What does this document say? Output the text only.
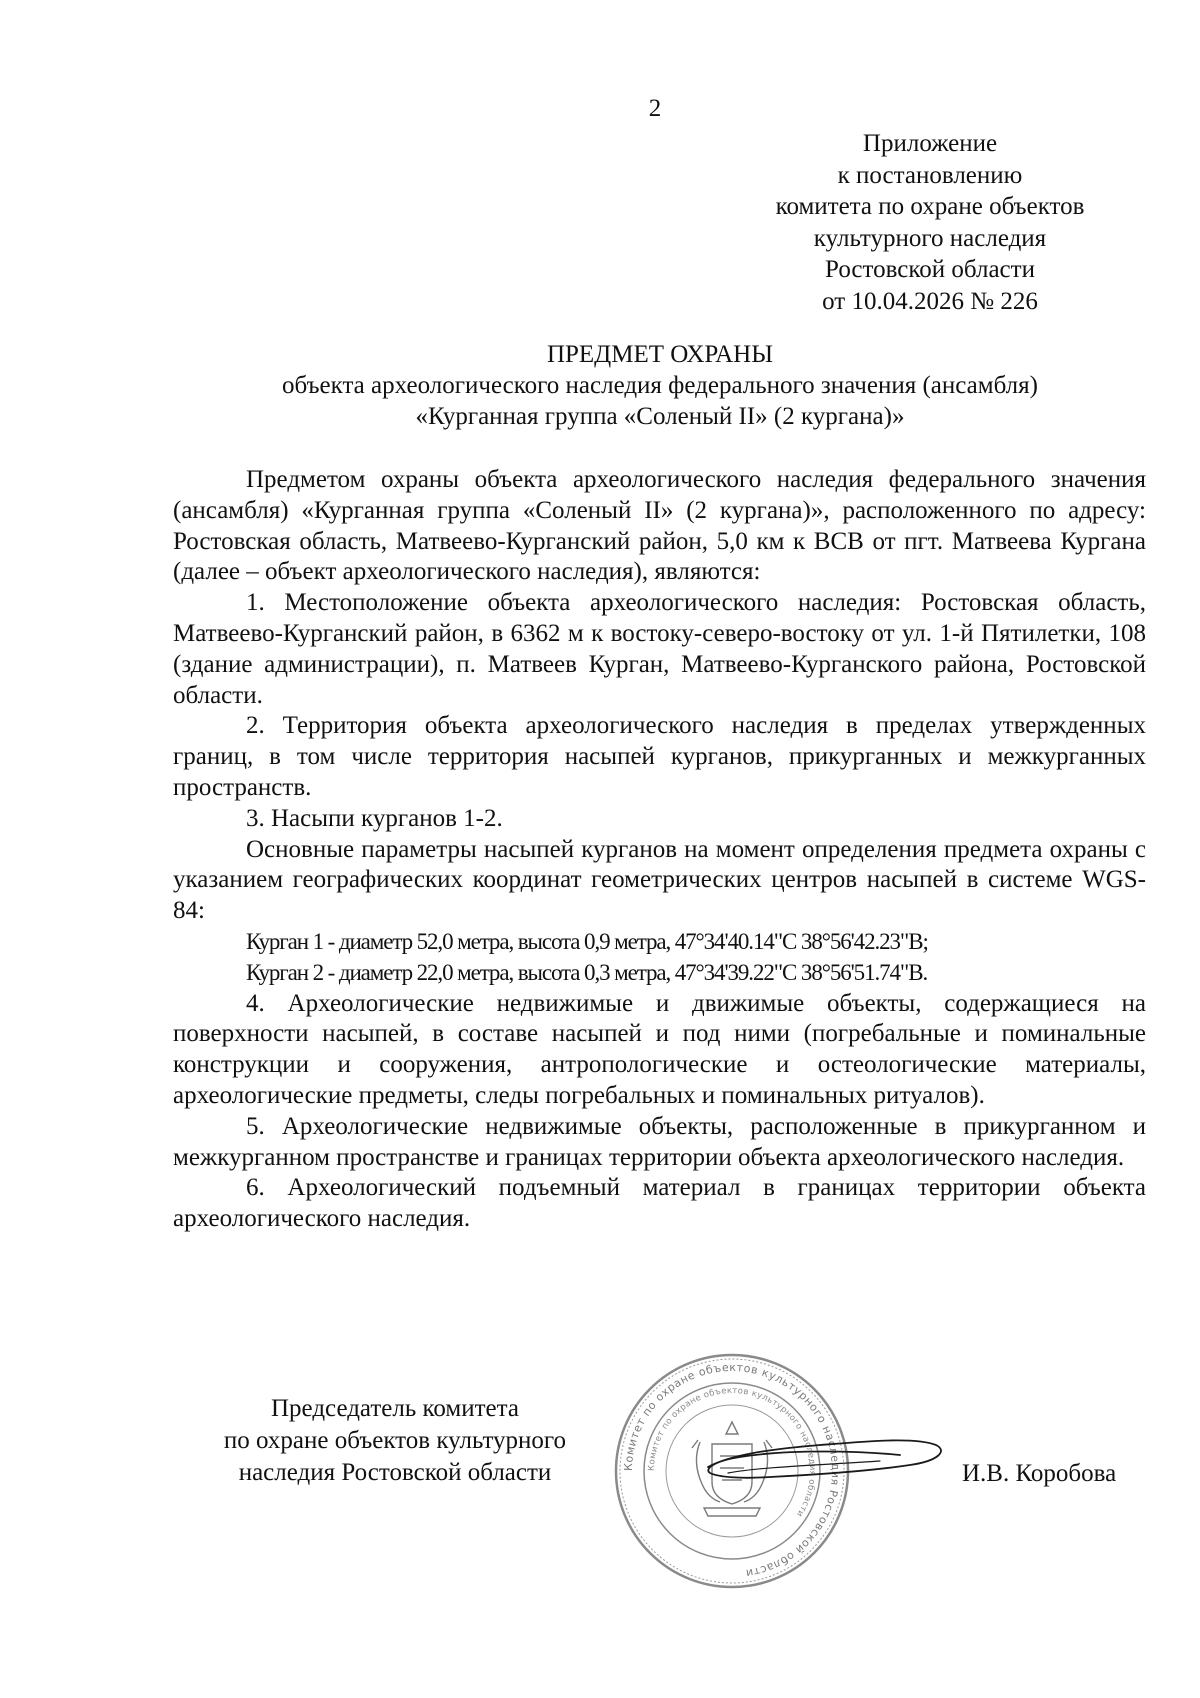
2
Приложение
к постановлению
комитета по охране объектов
культурного наследия
Ростовской области
от 10.04.2026 № 226
ПРЕДМЕТ ОХРАНЫ
объекта археологического наследия федерального значения (ансамбля)
«Курганная группа «Соленый II» (2 кургана)»

Предметом охраны объекта археологического наследия федерального значения (ансамбля) «Курганная группа «Соленый II» (2 кургана)», расположенного по адресу: Ростовская область, Матвеево-Курганский район, 5,0 км к ВСВ от пгт. Матвеева Кургана (далее – объект археологического наследия), являются:

1. Местоположение объекта археологического наследия: Ростовская область, Матвеево-Курганский район, в 6362 м к востоку-северо-востоку от ул. 1-й Пятилетки, 108 (здание администрации), п. Матвеев Курган, Матвеево-Курганского района, Ростовской области.

2. Территория объекта археологического наследия в пределах утвержденных границ, в том числе территория насыпей курганов, прикурганных и межкурганных пространств.

3. Насыпи курганов 1-2.

Основные параметры насыпей курганов на момент определения предмета охраны с указанием географических координат геометрических центров насыпей в системе WGS-84:

Курган 1 - диаметр 52,0 метра, высота 0,9 метра, 47°34'40.14"С 38°56'42.23"В;

Курган 2 - диаметр 22,0 метра, высота 0,3 метра, 47°34'39.22"С 38°56'51.74"В.

4. Археологические недвижимые и движимые объекты, содержащиеся на поверхности насыпей, в составе насыпей и под ними (погребальные и поминальные конструкции и сооружения, антропологические и остеологические материалы, археологические предметы, следы погребальных и поминальных ритуалов).

5. Археологические недвижимые объекты, расположенные в прикурганном и межкурганном пространстве и границах территории объекта археологического наследия.

6. Археологический подъемный материал в границах территории объекта археологического наследия.

Председатель комитета
по охране объектов культурного
наследия Ростовской области	Комитет по охране объектов культурного наследия Ростовской области
Комитет по охране объектов культурного наследия области
И.В. Коробова
